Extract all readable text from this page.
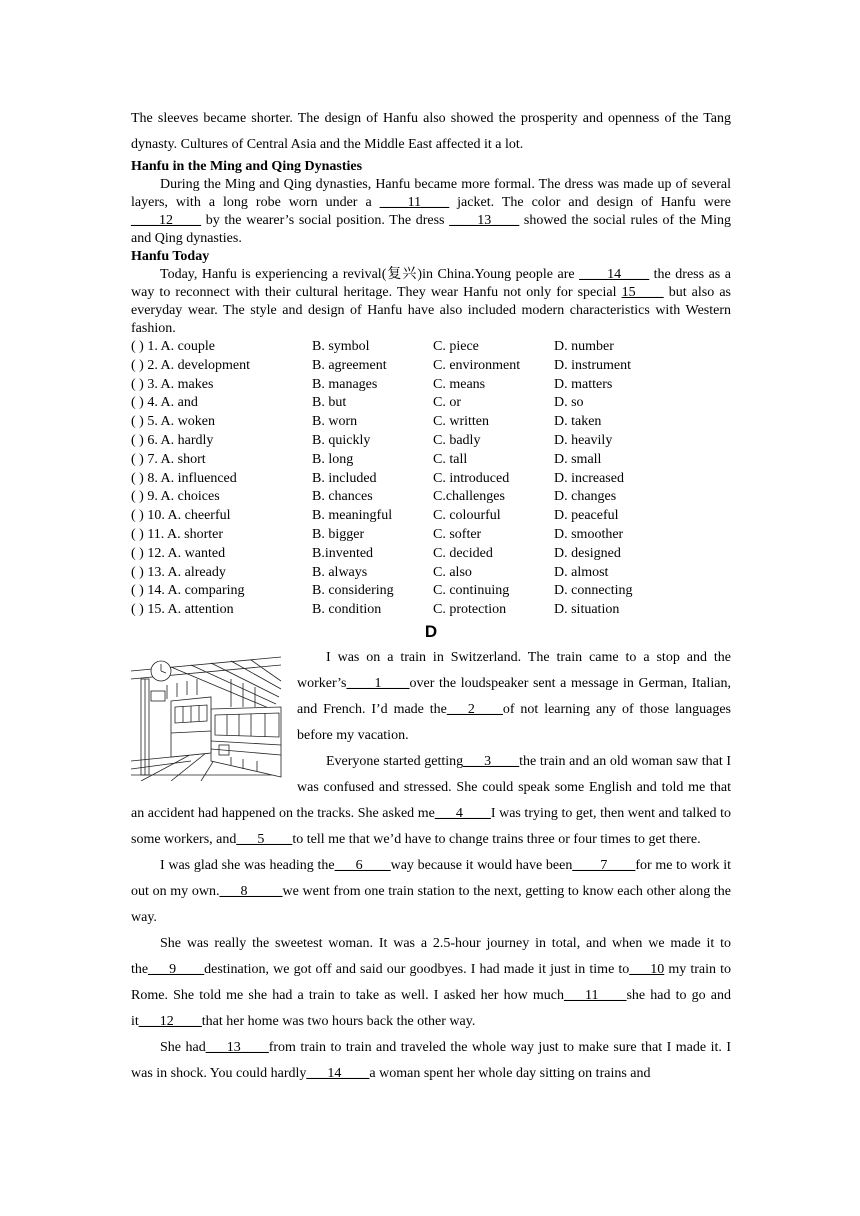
The sleeves became shorter. The design of Hanfu also showed the prosperity and openness of the Tang dynasty. Cultures of Central Asia and the Middle East affected it a lot.

Hanfu in the Ming and Qing Dynasties

During the Ming and Qing dynasties, Hanfu became more formal. The dress was made up of several layers, with a long robe worn under a ____11____ jacket. The color and design of Hanfu were ____12____ by the wearer’s social position. The dress ____13____ showed the social rules of the Ming and Qing dynasties.

Hanfu Today

Today, Hanfu is experiencing a revival(复兴)in China.Young people are ____14____ the dress as a way to reconnect with their cultural heritage. They wear Hanfu not only for special 15____ but also as everyday wear. The style and design of Hanfu have also included modern characteristics with Western fashion.

( ) 1. A. couple	B. symbol	C. piece	D. number
( ) 2. A. development	B. agreement	C. environment	D. instrument
( ) 3. A. makes	B. manages	C. means	D. matters
( ) 4. A. and	B. but	C. or	D. so
( ) 5. A. woken	B. worn	C. written	D. taken
( ) 6. A. hardly	B. quickly	C. badly	D. heavily
( ) 7. A. short	B. long	C. tall	D. small
( ) 8. A. influenced	B. included	C. introduced	D. increased
( ) 9. A. choices	B. chances	C.challenges	D. changes
( ) 10. A. cheerful	B. meaningful	C. colourful	D. peaceful
( ) 11. A. shorter	B. bigger	C. softer	D. smoother
( ) 12. A. wanted	B.invented	C. decided	D. designed
( ) 13. A. already	B. always	C. also	D. almost
( ) 14. A. comparing	B. considering	C. continuing	D. connecting
( ) 15. A. attention	B. condition	C. protection	D. situation
D

I was on a train in Switzerland. The train came to a stop and the worker’s____1____over the loudspeaker sent a message in German, Italian, and French. I’d made the___2____of not learning any of those languages before my vacation.

Everyone started getting___3____the train and an old woman saw that I was confused and stressed. She could speak some English and told me that an accident had happened on the tracks. She asked me___4____I was trying to get, then went and talked to some workers, and___5____to tell me that we’d have to change trains three or four times to get there.

I was glad she was heading the___6____way because it would have been____7____for me to work it out on my own.___8_____we went from one train station to the next, getting to know each other along the way.

She was really the sweetest woman. It was a 2.5-hour journey in total, and when we made it to the___9____destination, we got off and said our goodbyes. I had made it just in time to___10 my train to Rome. She told me she had a train to take as well. I asked her how much___11____she had to go and it___12____that her home was two hours back the other way.

She had___13____from train to train and traveled the whole way just to make sure that I made it. I was in shock. You could hardly___14____a woman spent her whole day sitting on trains and
